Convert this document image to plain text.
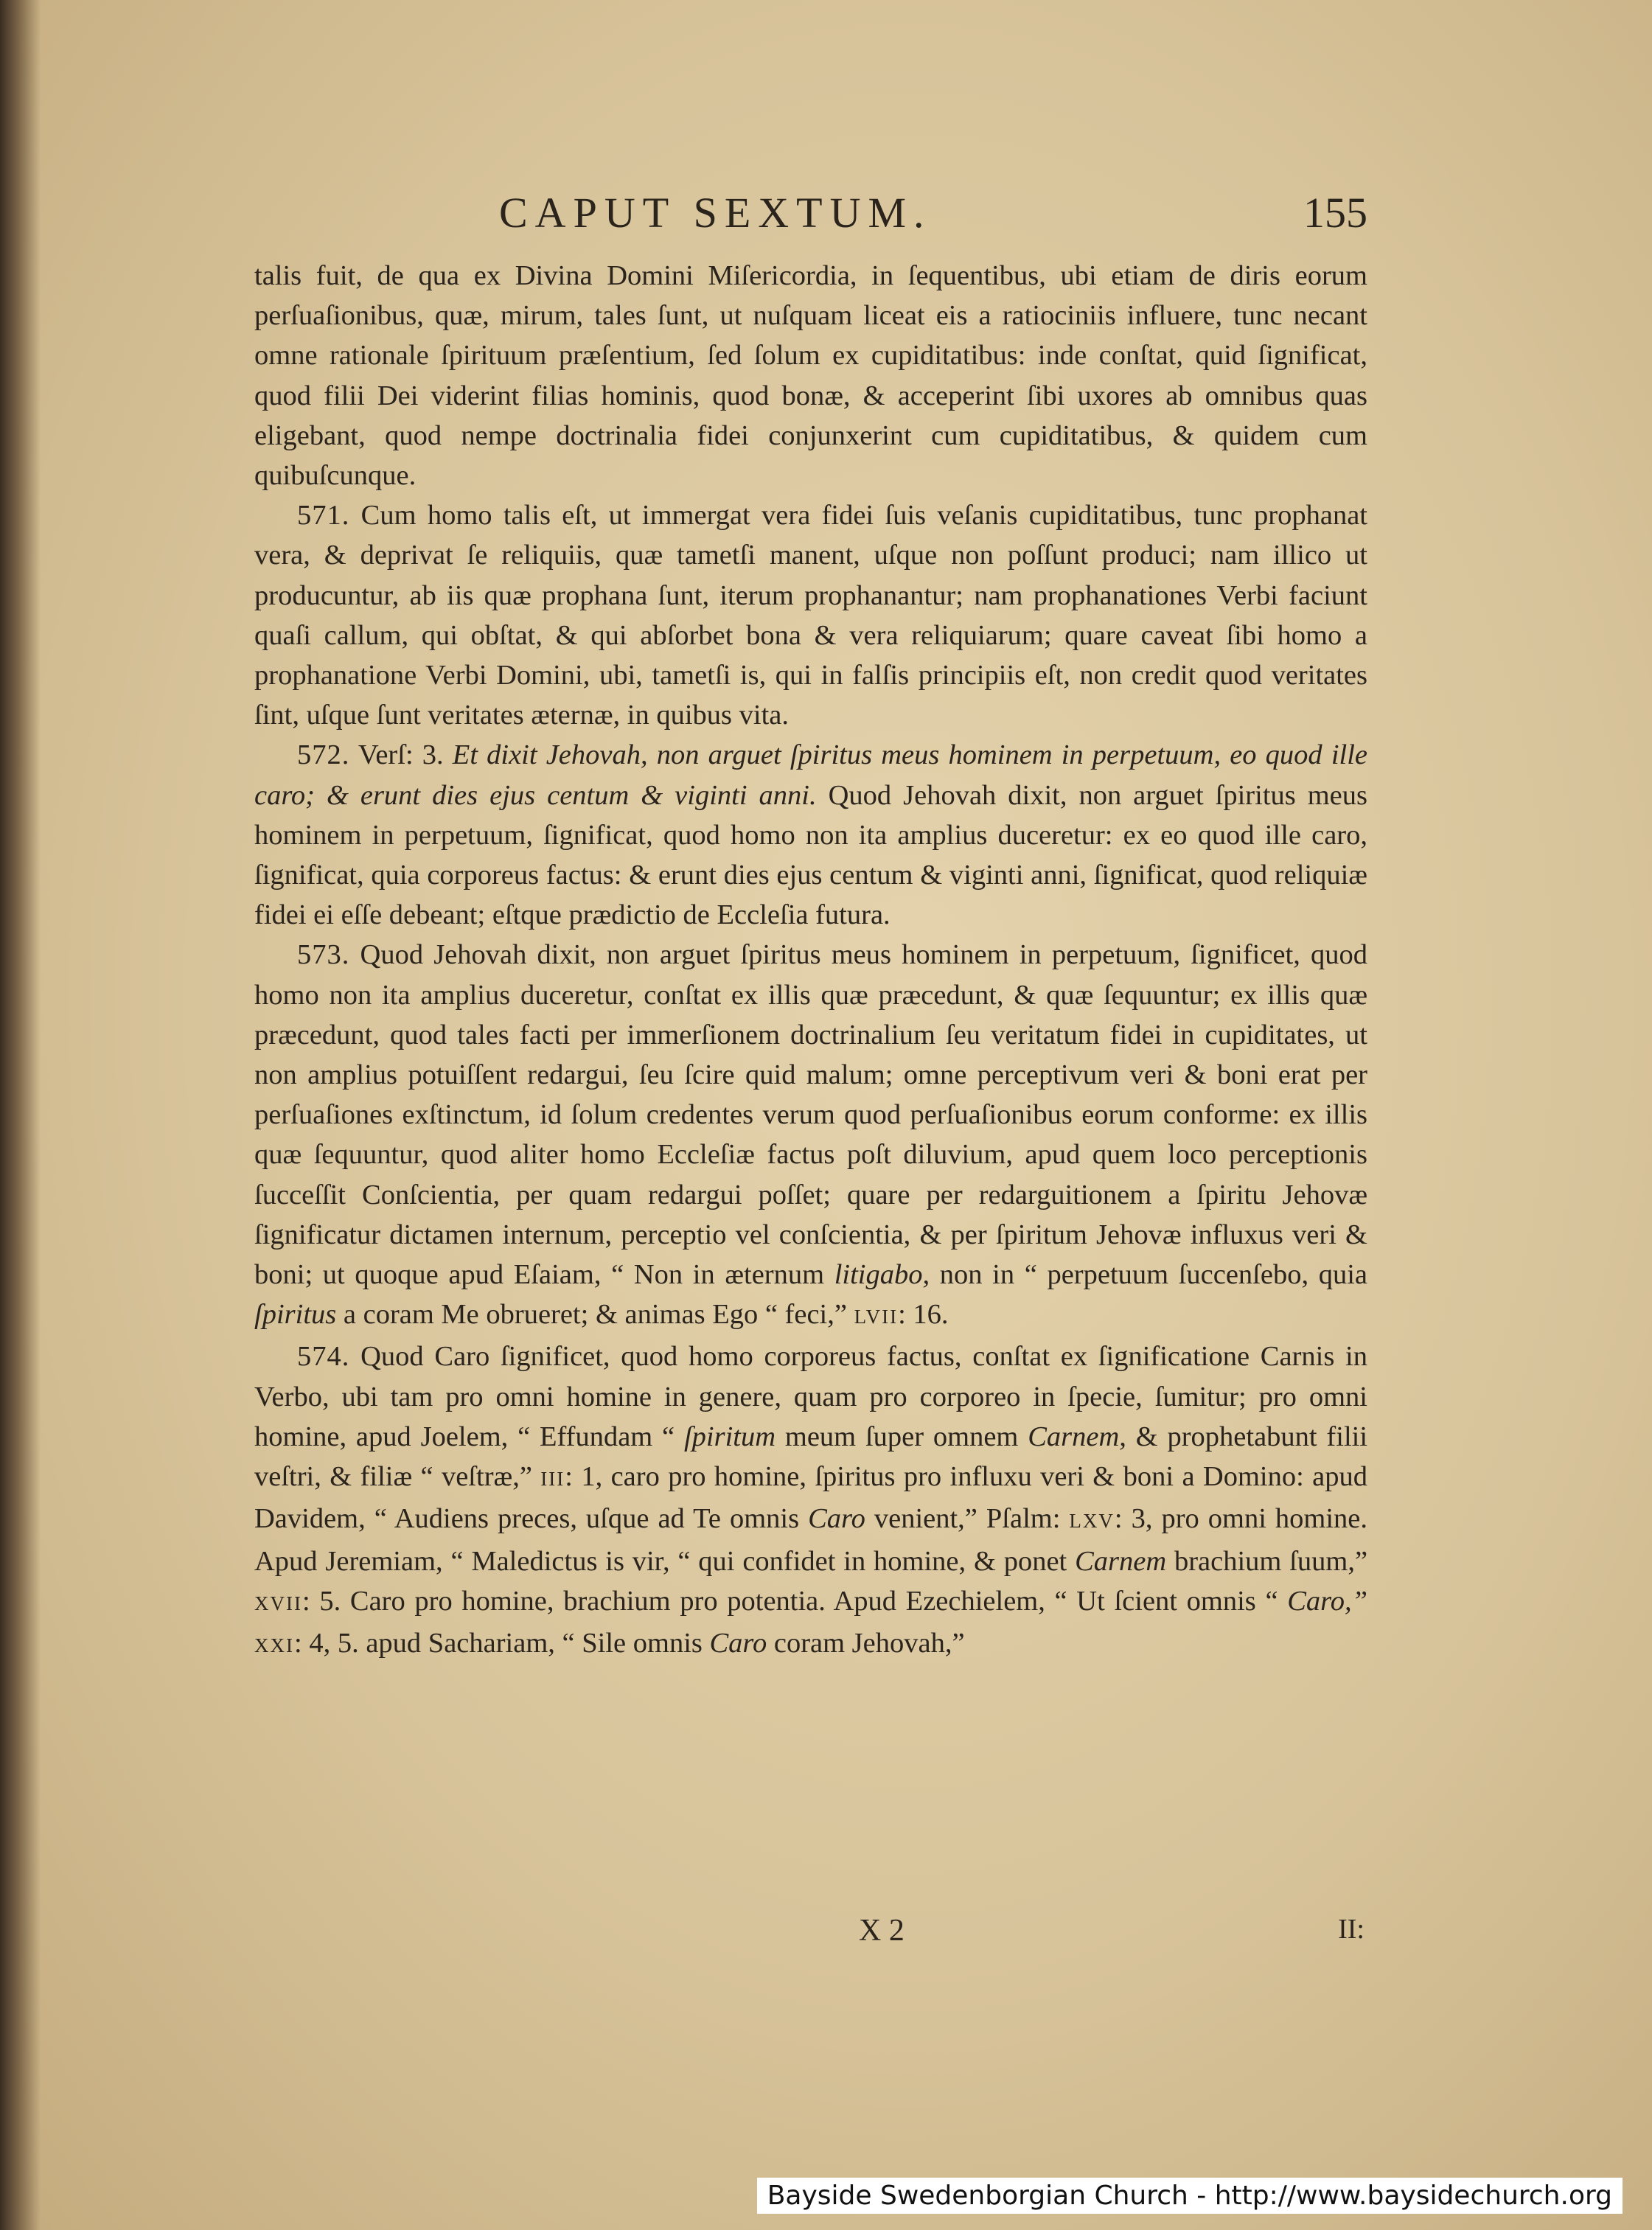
CAPUT SEXTUM.	155

talis fuit, de qua ex Divina Domini Miſericordia, in ſequentibus, ubi etiam de diris eorum perſuaſionibus, quæ, mirum, tales ſunt, ut nuſquam liceat eis a ratiociniis influere, tunc necant omne rationale ſpirituum præſentium, ſed ſolum ex cupiditatibus: inde conſtat, quid ſignificat, quod filii Dei viderint filias hominis, quod bonæ, & acceperint ſibi uxores ab omnibus quas eligebant, quod nempe doctrinalia fidei conjunxerint cum cupiditatibus, & quidem cum quibuſcunque.

571. Cum homo talis eſt, ut immergat vera fidei ſuis veſanis cupiditatibus, tunc prophanat vera, & deprivat ſe reliquiis, quæ tametſi manent, uſque non poſſunt produci; nam illico ut producuntur, ab iis quæ prophana ſunt, iterum prophanantur; nam prophanationes Verbi faciunt quaſi callum, qui obſtat, & qui abſorbet bona & vera reliquiarum; quare caveat ſibi homo a prophanatione Verbi Domini, ubi, tametſi is, qui in falſis principiis eſt, non credit quod veritates ſint, uſque ſunt veritates æternæ, in quibus vita.

572. Verſ: 3. Et dixit Jehovah, non arguet ſpiritus meus hominem in perpetuum, eo quod ille caro; & erunt dies ejus centum & viginti anni. Quod Jehovah dixit, non arguet ſpiritus meus hominem in perpetuum, ſignificat, quod homo non ita amplius duceretur: ex eo quod ille caro, ſignificat, quia corporeus factus: & erunt dies ejus centum & viginti anni, ſignificat, quod reliquiæ fidei ei eſſe debeant; eſtque prædictio de Eccleſia futura.

573. Quod Jehovah dixit, non arguet ſpiritus meus hominem in perpetuum, ſignificet, quod homo non ita amplius duceretur, conſtat ex illis quæ præcedunt, & quæ ſequuntur; ex illis quæ præcedunt, quod tales facti per immerſionem doctrinalium ſeu veritatum fidei in cupiditates, ut non amplius potuiſſent redargui, ſeu ſcire quid malum; omne perceptivum veri & boni erat per perſuaſiones exſtinctum, id ſolum credentes verum quod perſuaſionibus eorum conforme: ex illis quæ ſequuntur, quod aliter homo Eccleſiæ factus poſt diluvium, apud quem loco perceptionis ſucceſſit Conſcientia, per quam redargui poſſet; quare per redarguitionem a ſpiritu Jehovæ ſignificatur dictamen internum, perceptio vel conſcientia, & per ſpiritum Jehovæ influxus veri & boni; ut quoque apud Eſaiam, “ Non in æternum litigabo, non in “ perpetuum ſuccenſebo, quia ſpiritus a coram Me obrueret; & animas Ego “ feci,” LVII: 16.

574. Quod Caro ſignificet, quod homo corporeus factus, conſtat ex ſignificatione Carnis in Verbo, ubi tam pro omni homine in genere, quam pro corporeo in ſpecie, ſumitur; pro omni homine, apud Joelem, “ Effundam “ ſpiritum meum ſuper omnem Carnem, & prophetabunt filii veſtri, & filiæ “ veſtræ,” III: 1, caro pro homine, ſpiritus pro influxu veri & boni a Domino: apud Davidem, “ Audiens preces, uſque ad Te omnis Caro venient,” Pſalm: LXV: 3, pro omni homine. Apud Jeremiam, “ Maledictus is vir, “ qui confidet in homine, & ponet Carnem brachium ſuum,” XVII: 5. Caro pro homine, brachium pro potentia. Apud Ezechielem, “ Ut ſcient omnis “ Caro,” XXI: 4, 5. apud Sachariam, “ Sile omnis Caro coram Jehovah,”

X 2	II:
Bayside Swedenborgian Church - http://www.baysidechurch.org
